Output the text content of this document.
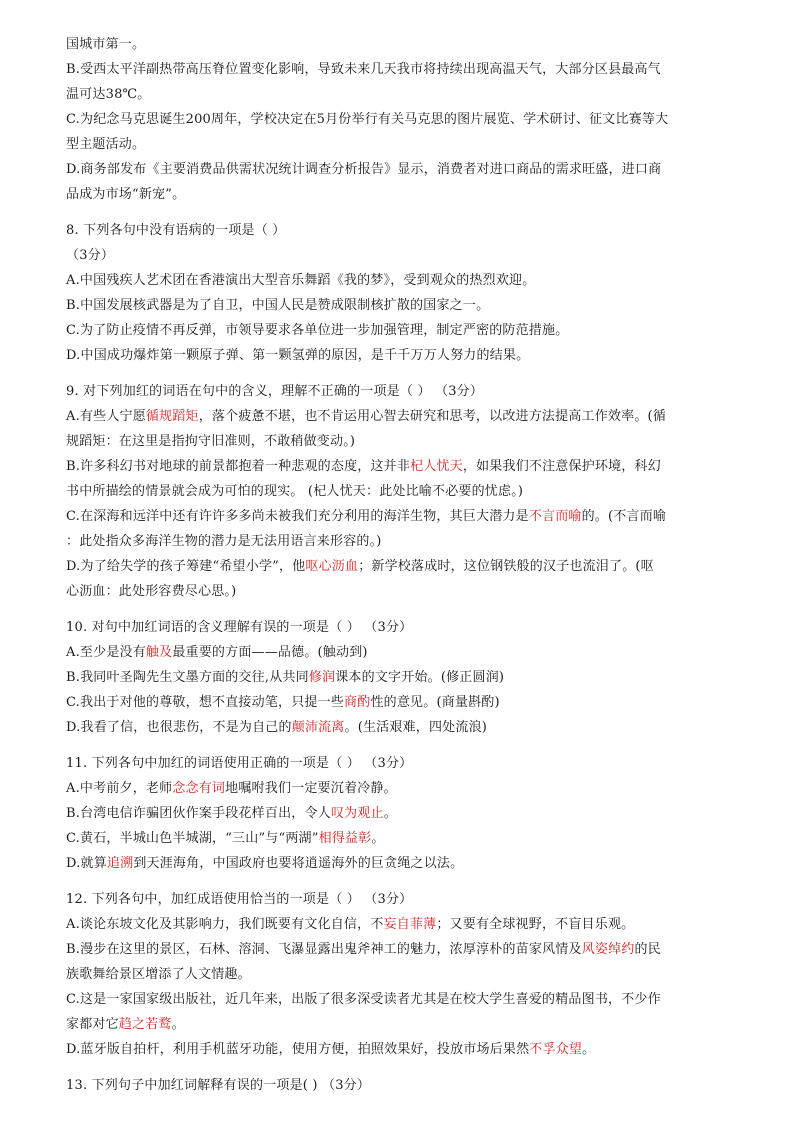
国城市第一。
B.受西太平洋副热带高压脊位置变化影响，导致未来几天我市将持续出现高温天气，大部分区县最高气
温可达38℃。
C.为纪念马克思诞生200周年，学校决定在5月份举行有关马克思的图片展览、学术研讨、征文比赛等大
型主题活动。
D.商务部发布《主要消费品供需状况统计调查分析报告》显示，消费者对进口商品的需求旺盛，进口商
品成为市场“新宠”。
8. 下列各句中没有语病的一项是（ ）
（3分）
A.中国残疾人艺术团在香港演出大型音乐舞蹈《我的梦》，受到观众的热烈欢迎。
B.中国发展核武器是为了自卫，中国人民是赞成限制核扩散的国家之一。
C.为了防止疫情不再反弹，市领导要求各单位进一步加强管理，制定严密的防范措施。
D.中国成功爆炸第一颗原子弹、第一颗氢弹的原因，是千千万万人努力的结果。
9. 对下列加红的词语在句中的含义，理解不正确的一项是（ ） （3分）
A.有些人宁愿循规蹈矩，落个疲惫不堪，也不肯运用心智去研究和思考，以改进方法提高工作效率。(循
规蹈矩：在这里是指拘守旧准则，不敢稍做变动。)
B.许多科幻书对地球的前景都抱着一种悲观的态度，这并非杞人忧天，如果我们不注意保护环境，科幻
书中所描绘的情景就会成为可怕的现实。 (杞人忧天：此处比喻不必要的忧虑。)
C.在深海和远洋中还有许许多多尚未被我们充分利用的海洋生物，其巨大潜力是不言而喻的。(不言而喻
：此处指众多海洋生物的潜力是无法用语言来形容的。)
D.为了给失学的孩子筹建“希望小学”，他呕心沥血；新学校落成时，这位钢铁般的汉子也流泪了。(呕
心沥血：此处形容费尽心思。)
10. 对句中加红词语的含义理解有误的一项是（ ） （3分）
A.至少是没有触及最重要的方面——品德。(触动到)
B.我同叶圣陶先生文墨方面的交往,从共同修润课本的文字开始。(修正圆润)
C.我出于对他的尊敬，想不直接动笔，只提一些商酌性的意见。(商量斟酌)
D.我看了信，也很悲伤，不是为自己的颠沛流离。(生活艰难，四处流浪)
11. 下列各句中加红的词语使用正确的一项是（ ） （3分）
A.中考前夕，老师念念有词地嘱咐我们一定要沉着冷静。
B.台湾电信诈骗团伙作案手段花样百出，令人叹为观止。
C.黄石，半城山色半城湖，“三山”与“两湖”相得益彰。
D.就算追溯到天涯海角，中国政府也要将逍遥海外的巨贪绳之以法。
12. 下列各句中，加红成语使用恰当的一项是（ ） （3分）
A.谈论东坡文化及其影响力，我们既要有文化自信，不妄自菲薄；又要有全球视野，不盲目乐观。
B.漫步在这里的景区，石林、溶洞、飞瀑显露出鬼斧神工的魅力，浓厚淳朴的苗家风情及风姿绰约的民
族歌舞给景区增添了人文情趣。
C.这是一家国家级出版社，近几年来，出版了很多深受读者尤其是在校大学生喜爱的精品图书，不少作
家都对它趋之若鹜。
D.蓝牙版自拍杆，利用手机蓝牙功能，使用方便，拍照效果好，投放市场后果然不孚众望。
13. 下列句子中加红词解释有误的一项是( ) （3分）
